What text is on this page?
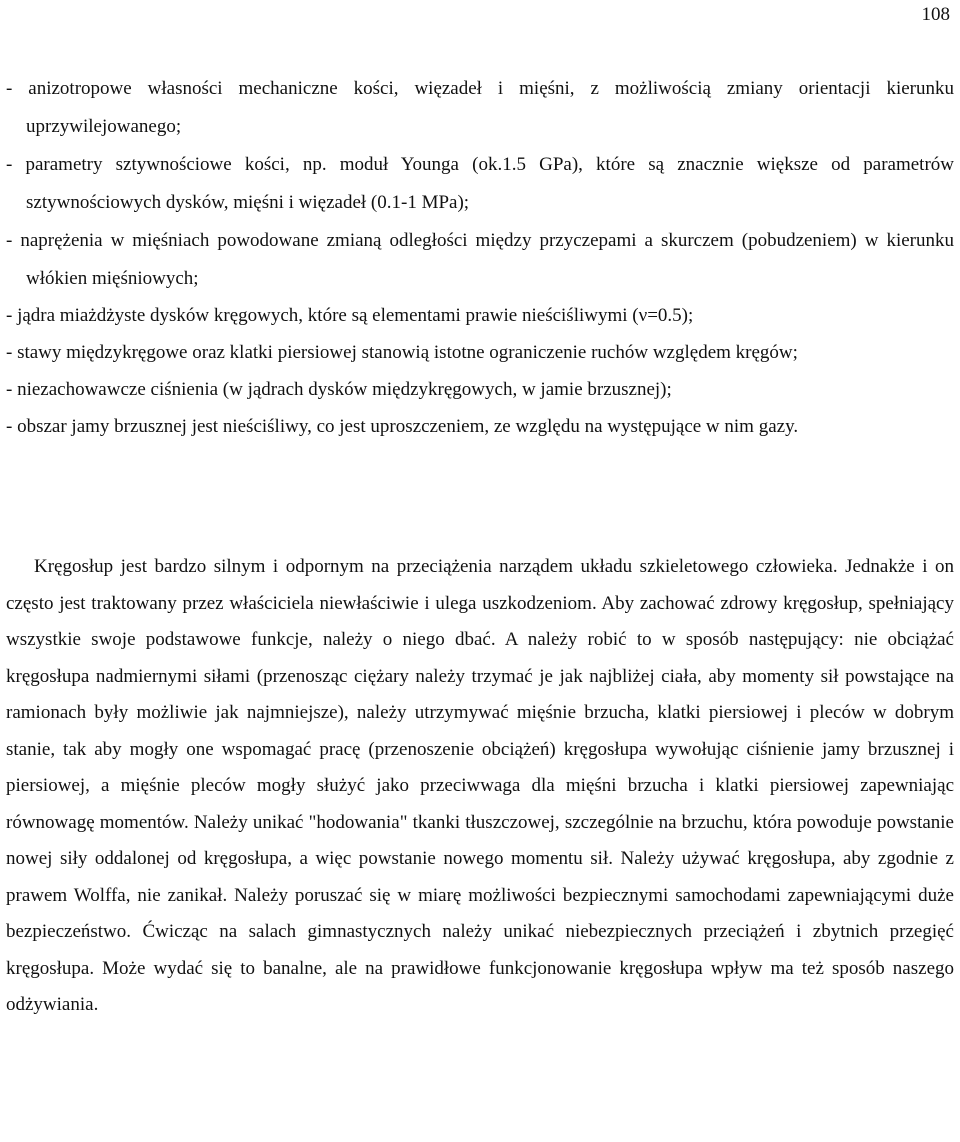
108
- anizotropowe własności mechaniczne kości, więzadeł i mięśni, z możliwością zmiany orientacji kierunku uprzywilejowanego;
- parametry sztywnościowe kości, np. moduł Younga (ok.1.5 GPa), które są znacznie większe od parametrów sztywnościowych dysków, mięśni i więzadeł (0.1-1 MPa);
- naprężenia w mięśniach powodowane zmianą odległości między przyczepami a skurczem (pobudzeniem) w kierunku włókien mięśniowych;
- jądra miażdżyste dysków kręgowych, które są elementami prawie nieściśliwymi (ν=0.5);
- stawy międzykręgowe oraz klatki piersiowej stanowią istotne ograniczenie ruchów względem kręgów;
- niezachowawcze ciśnienia (w jądrach dysków międzykręgowych, w jamie brzusznej);
- obszar jamy brzusznej jest nieściśliwy, co jest uproszczeniem, ze względu na występujące w nim gazy.

Kręgosłup jest bardzo silnym i odpornym na przeciążenia narządem układu szkieletowego człowieka. Jednakże i on często jest traktowany przez właściciela niewłaściwie i ulega uszkodzeniom. Aby zachować zdrowy kręgosłup, spełniający wszystkie swoje podstawowe funkcje, należy o niego dbać. A należy robić to w sposób następujący: nie obciążać kręgosłupa nadmiernymi siłami (przenosząc ciężary należy trzymać je jak najbliżej ciała, aby momenty sił powstające na ramionach były możliwie jak najmniejsze), należy utrzymywać mięśnie brzucha, klatki piersiowej i pleców w dobrym stanie, tak aby mogły one wspomagać pracę (przenoszenie obciążeń) kręgosłupa wywołując ciśnienie jamy brzusznej i piersiowej, a mięśnie pleców mogły służyć jako przeciwwaga dla mięśni brzucha i klatki piersiowej zapewniając równowagę momentów. Należy unikać "hodowania" tkanki tłuszczowej, szczególnie na brzuchu, która powoduje powstanie nowej siły oddalonej od kręgosłupa, a więc powstanie nowego momentu sił. Należy używać kręgosłupa, aby zgodnie z prawem Wolffa, nie zanikał. Należy poruszać się w miarę możliwości bezpiecznymi samochodami zapewniającymi duże bezpieczeństwo. Ćwicząc na salach gimnastycznych należy unikać niebezpiecznych przeciążeń i zbytnich przegięć kręgosłupa. Może wydać się to banalne, ale na prawidłowe funkcjonowanie kręgosłupa wpływ ma też sposób naszego odżywiania.
